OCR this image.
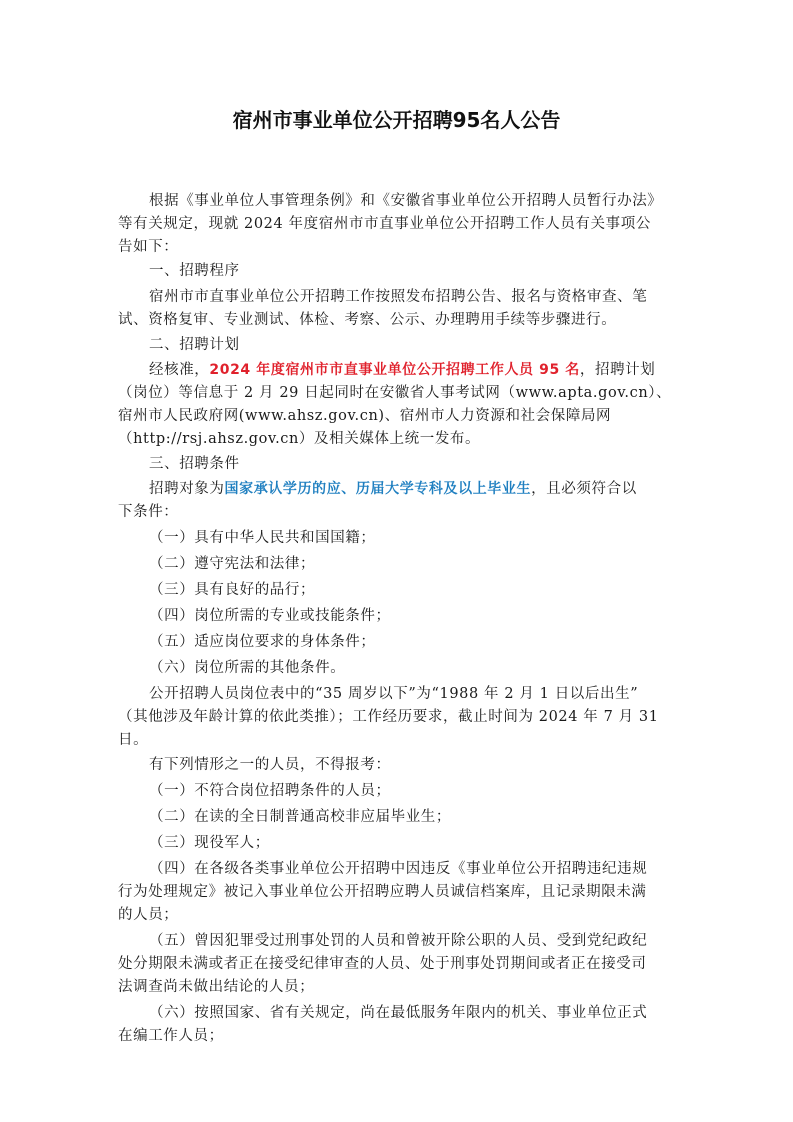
宿州市事业单位公开招聘95名人公告
根据《事业单位人事管理条例》和《安徽省事业单位公开招聘人员暂行办法》
等有关规定，现就 2024 年度宿州市市直事业单位公开招聘工作人员有关事项公
告如下：
一、招聘程序
宿州市市直事业单位公开招聘工作按照发布招聘公告、报名与资格审查、笔
试、资格复审、专业测试、体检、考察、公示、办理聘用手续等步骤进行。
二、招聘计划
经核准，2024 年度宿州市市直事业单位公开招聘工作人员 95 名，招聘计划
（岗位）等信息于 2 月 29 日起同时在安徽省人事考试网（www.apta.gov.cn）、
宿州市人民政府网(www.ahsz.gov.cn)、宿州市人力资源和社会保障局网
（http://rsj.ahsz.gov.cn）及相关媒体上统一发布。
三、招聘条件
招聘对象为国家承认学历的应、历届大学专科及以上毕业生，且必须符合以
下条件：
（一）具有中华人民共和国国籍；
（二）遵守宪法和法律；
（三）具有良好的品行；
（四）岗位所需的专业或技能条件；
（五）适应岗位要求的身体条件；
（六）岗位所需的其他条件。
公开招聘人员岗位表中的“35 周岁以下”为“1988 年 2 月 1 日以后出生”
（其他涉及年龄计算的依此类推）；工作经历要求，截止时间为 2024 年 7 月 31
日。
有下列情形之一的人员，不得报考：
（一）不符合岗位招聘条件的人员；
（二）在读的全日制普通高校非应届毕业生；
（三）现役军人；
（四）在各级各类事业单位公开招聘中因违反《事业单位公开招聘违纪违规
行为处理规定》被记入事业单位公开招聘应聘人员诚信档案库，且记录期限未满
的人员；
（五）曾因犯罪受过刑事处罚的人员和曾被开除公职的人员、受到党纪政纪
处分期限未满或者正在接受纪律审查的人员、处于刑事处罚期间或者正在接受司
法调查尚未做出结论的人员；
（六）按照国家、省有关规定，尚在最低服务年限内的机关、事业单位正式
在编工作人员；
